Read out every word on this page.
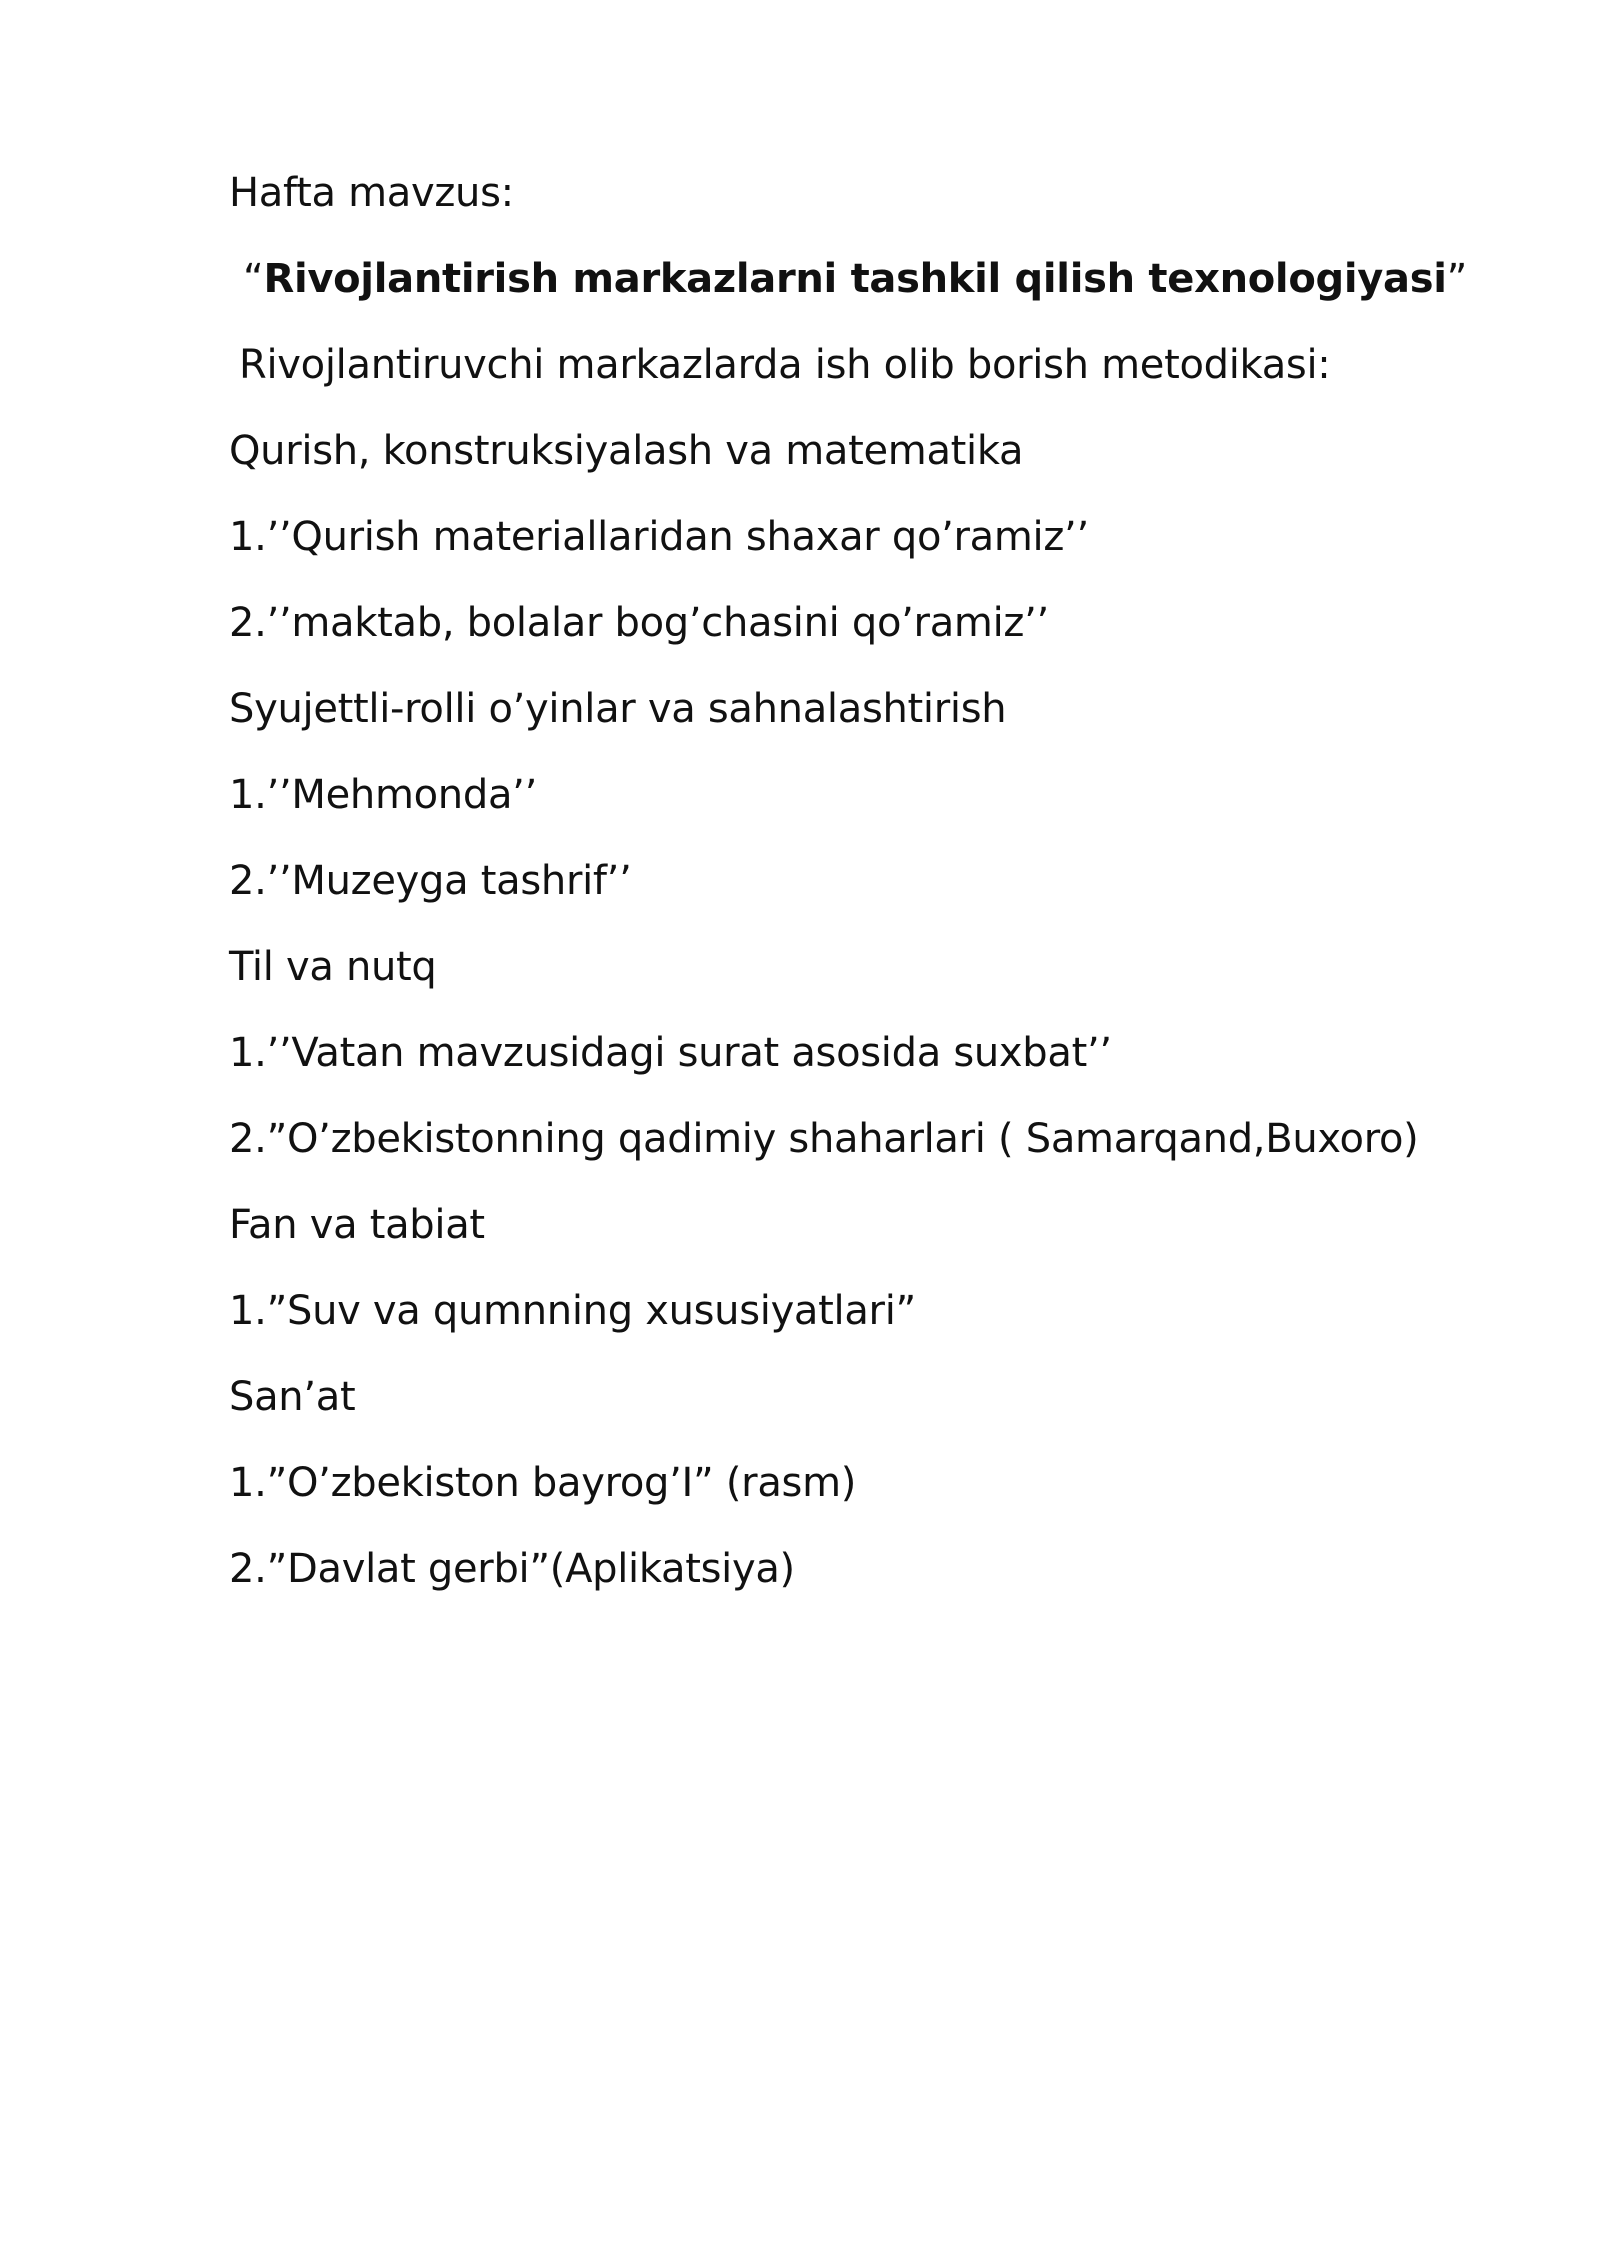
Hafta mavzus:
“Rivojlantirish markazlarni tashkil qilish texnologiyasi”
Rivojlantiruvchi markazlarda ish olib borish metodikasi:
Qurish, konstruksiyalash va matematika
1.’’Qurish materiallaridan shaxar qo’ramiz’’
2.’’maktab, bolalar bog’chasini qo’ramiz’’
Syujettli-rolli o’yinlar va sahnalashtirish
1.’’Mehmonda’’
2.’’Muzeyga tashrif’’
Til va nutq
1.’’Vatan mavzusidagi surat asosida suxbat’’
2.”O’zbekistonning qadimiy shaharlari ( Samarqand,Buxoro)
Fan va tabiat
1.”Suv va qumnning xususiyatlari”
San’at
1.”O’zbekiston bayrog’I” (rasm)
2.”Davlat gerbi”(Aplikatsiya)
